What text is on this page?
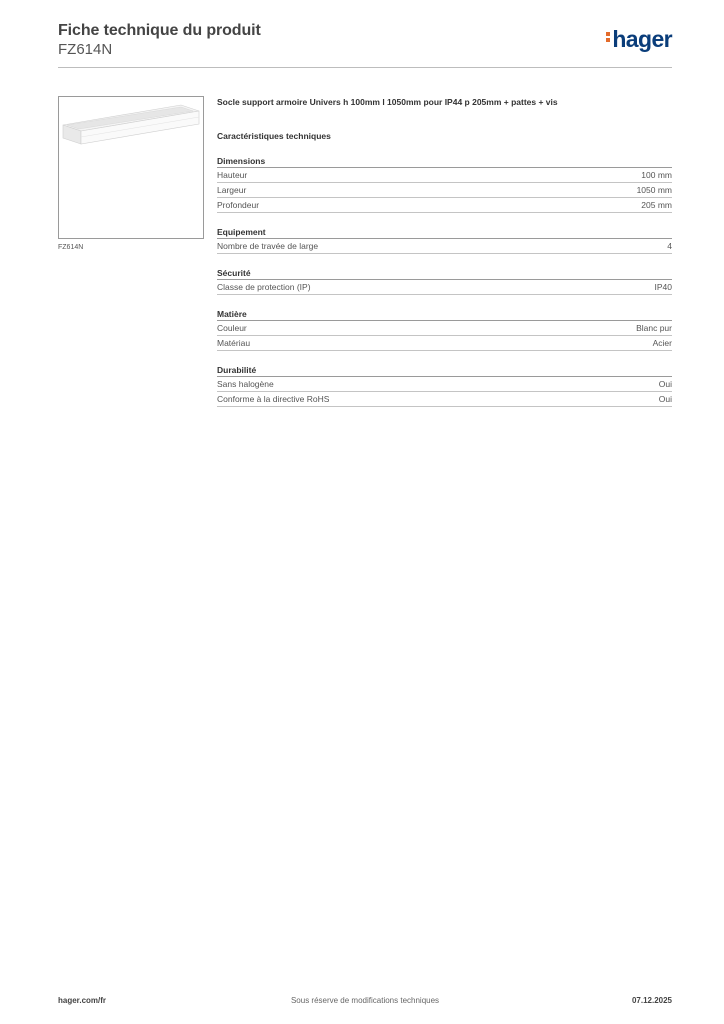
Fiche technique du produit
FZ614N	hager
FZ614N
Socle support armoire Univers h 100mm l 1050mm pour IP44 p 205mm + pattes + vis
Caractéristiques techniques
Dimensions
Hauteur	100 mm
Largeur	1050 mm
Profondeur	205 mm
Equipement
Nombre de travée de large	4
Sécurité
Classe de protection (IP)	IP40
Matière
Couleur	Blanc pur
Matériau	Acier
Durabilité
Sans halogène	Oui
Conforme à la directive RoHS	Oui
hager.com/fr	Sous réserve de modifications techniques	07.12.2025
